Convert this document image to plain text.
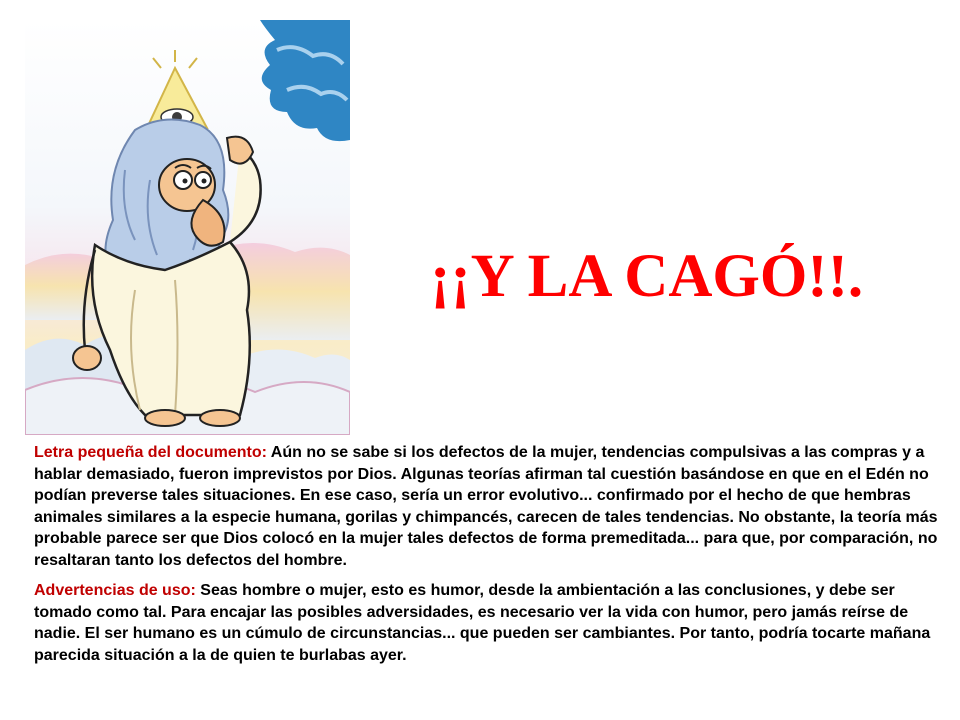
¡¡Y LA CAGÓ!!.

Letra pequeña del documento: Aún no se sabe si los defectos de la mujer, tendencias compulsivas a las compras y a hablar demasiado, fueron imprevistos por Dios. Algunas teorías afirman tal cuestión basándose en que en el Edén no podían preverse tales situaciones. En ese caso, sería un error evolutivo... confirmado por el hecho de que hembras animales similares a la especie humana, gorilas y chimpancés, carecen de tales tendencias. No obstante, la teoría más probable parece ser que Dios colocó en la mujer tales defectos de forma premeditada... para que, por comparación, no resaltaran tanto los defectos del hombre.

Advertencias de uso: Seas hombre o mujer, esto es humor, desde la ambientación a las conclusiones, y debe ser tomado como tal. Para encajar las posibles adversidades, es necesario ver la vida con humor, pero jamás reírse de nadie. El ser humano es un cúmulo de circunstancias... que pueden ser cambiantes. Por tanto, podría tocarte mañana parecida situación a la de quien te burlabas ayer.
